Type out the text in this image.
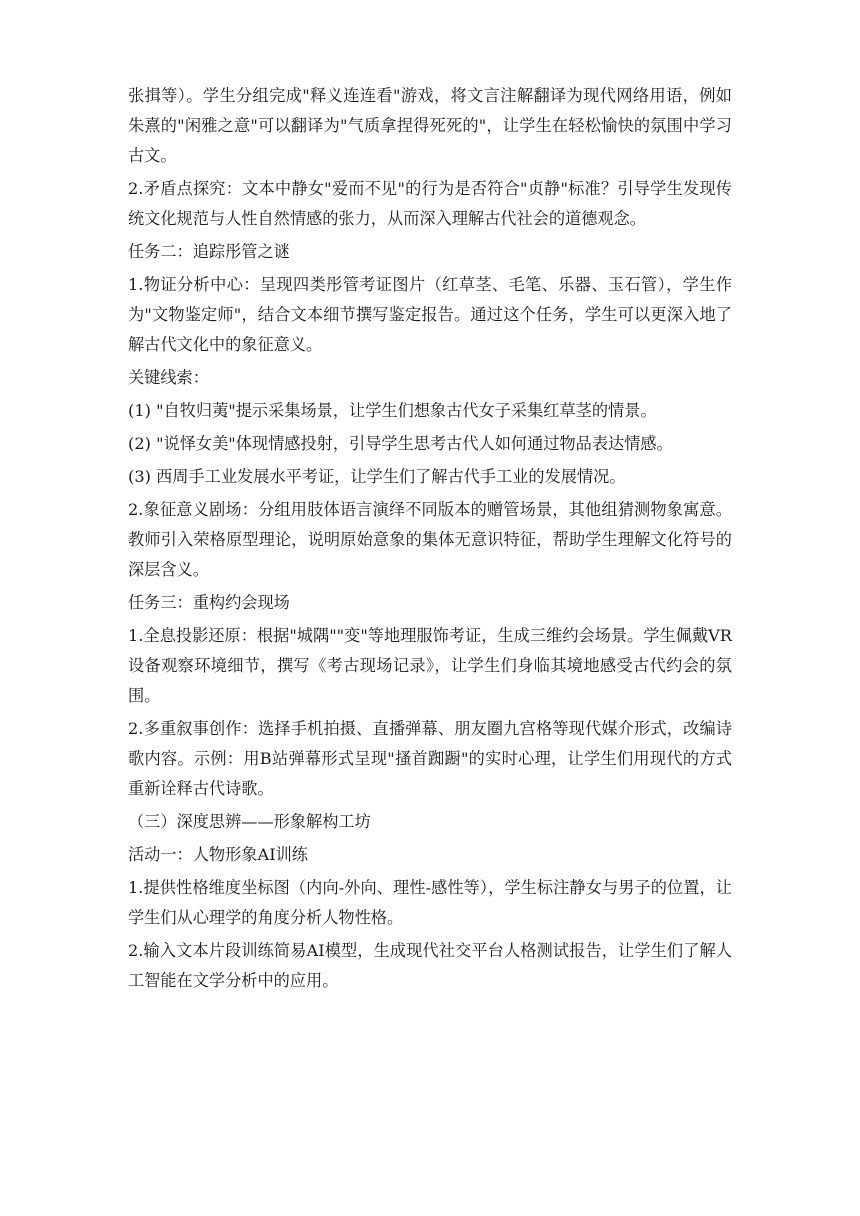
张揖等）。学生分组完成"释义连连看"游戏，将文言注解翻译为现代网络用语，例如朱熹的"闲雅之意"可以翻译为"气质拿捏得死死的"，让学生在轻松愉快的氛围中学习古文。

2.矛盾点探究：文本中静女"爱而不见"的行为是否符合"贞静"标准？引导学生发现传统文化规范与人性自然情感的张力，从而深入理解古代社会的道德观念。

任务二：追踪彤管之谜

1.物证分析中心：呈现四类彤管考证图片（红草茎、毛笔、乐器、玉石管），学生作为"文物鉴定师"，结合文本细节撰写鉴定报告。通过这个任务，学生可以更深入地了解古代文化中的象征意义。

关键线索：

(1) "自牧归荑"提示采集场景，让学生们想象古代女子采集红草茎的情景。

(2) "说怿女美"体现情感投射，引导学生思考古代人如何通过物品表达情感。

(3) 西周手工业发展水平考证，让学生们了解古代手工业的发展情况。

2.象征意义剧场：分组用肢体语言演绎不同版本的赠管场景，其他组猜测物象寓意。教师引入荣格原型理论，说明原始意象的集体无意识特征，帮助学生理解文化符号的深层含义。

任务三：重构约会现场

1.全息投影还原：根据"城隅""变"等地理服饰考证，生成三维约会场景。学生佩戴VR设备观察环境细节，撰写《考古现场记录》，让学生们身临其境地感受古代约会的氛围。

2.多重叙事创作：选择手机拍摄、直播弹幕、朋友圈九宫格等现代媒介形式，改编诗歌内容。示例：用B站弹幕形式呈现"搔首踟蹰"的实时心理，让学生们用现代的方式重新诠释古代诗歌。

（三）深度思辨——形象解构工坊

活动一：人物形象AI训练

1.提供性格维度坐标图（内向-外向、理性-感性等），学生标注静女与男子的位置，让学生们从心理学的角度分析人物性格。

2.输入文本片段训练简易AI模型，生成现代社交平台人格测试报告，让学生们了解人工智能在文学分析中的应用。
